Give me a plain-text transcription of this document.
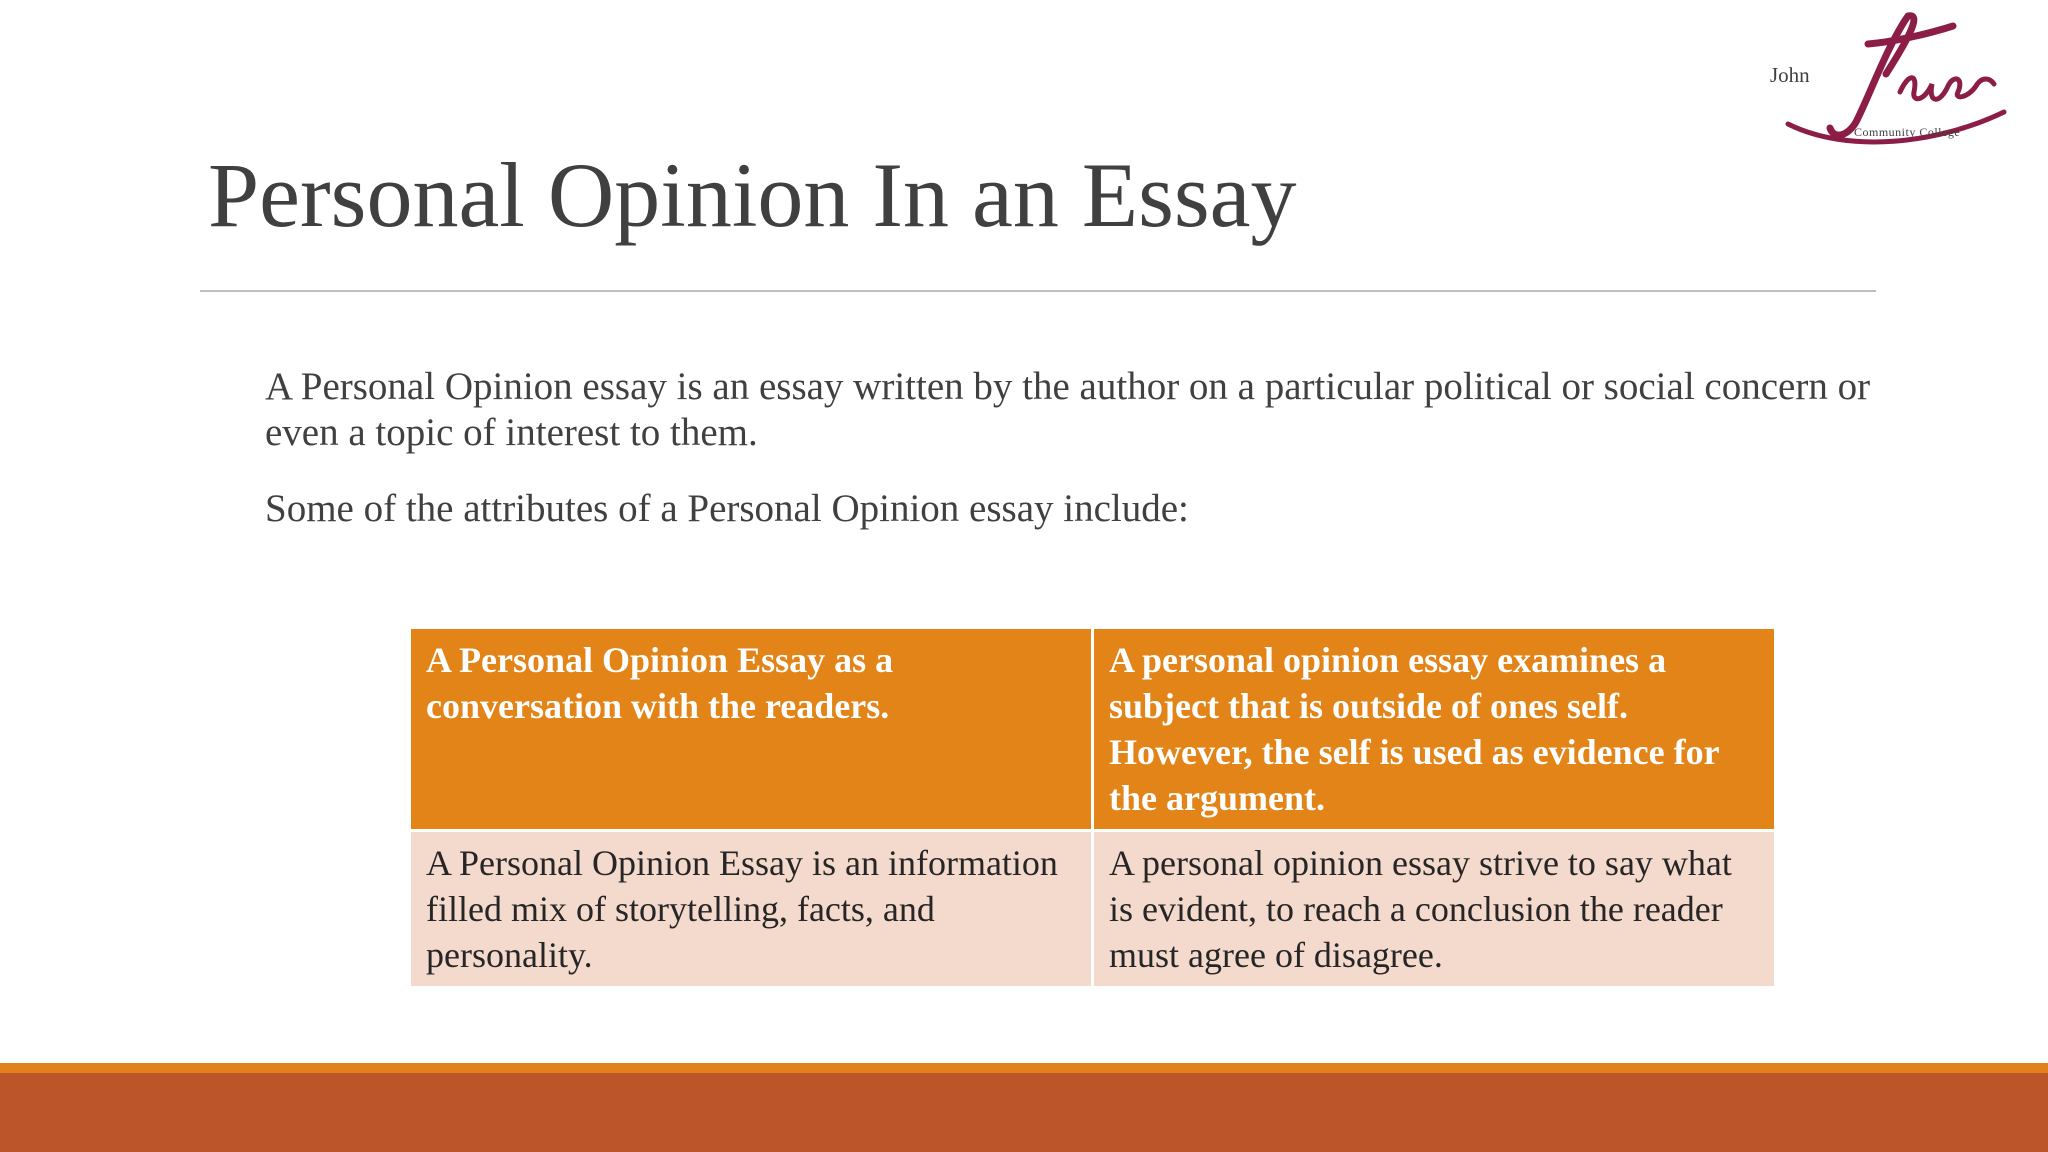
John
Community College
Tyler
Personal Opinion In an Essay

A Personal Opinion essay is an essay written by the author on a particular political or social concern or even a topic of interest to them.

Some of the attributes of a Personal Opinion essay include:

A Personal Opinion Essay as a conversation with the readers.	A personal opinion essay examines a subject that is outside of ones self. However, the self is used as evidence for the argument.
A Personal Opinion Essay is an information filled mix of storytelling, facts, and personality.	A personal opinion essay strive to say what is evident, to reach a conclusion the reader must agree of disagree.
